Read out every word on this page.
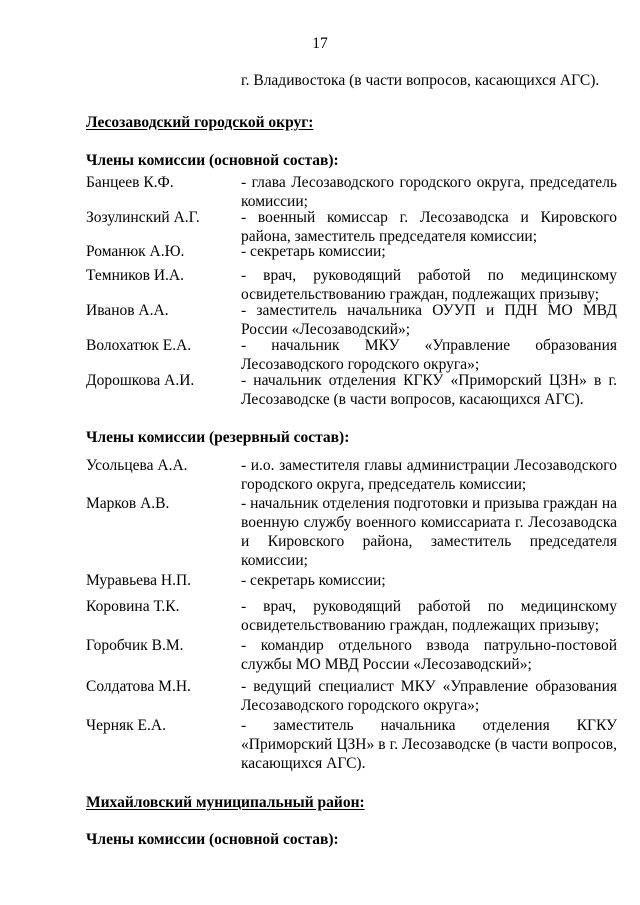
17
г. Владивостока (в части вопросов, касающихся АГС).
Лесозаводский городской округ:
Члены комиссии (основной состав):
Банцеев К.Ф.	- глава Лесозаводского городского округа, председатель комиссии;
Зозулинский А.Г.	- военный комиссар г. Лесозаводска и Кировского района, заместитель председателя комиссии;
Романюк А.Ю.	- секретарь комиссии;
Темников И.А.	- врач, руководящий работой по медицинскому освидетельствованию граждан, подлежащих призыву;
Иванов А.А.	- заместитель начальника ОУУП и ПДН МО МВД России «Лесозаводский»;
Волохатюк Е.А.	- начальник МКУ «Управление образования Лесозаводского городского округа»;
Дорошкова А.И.	- начальник отделения КГКУ «Приморский ЦЗН» в г. Лесозаводске (в части вопросов, касающихся АГС).
Члены комиссии (резервный состав):
Усольцева А.А.	- и.о. заместителя главы администрации Лесозаводского городского округа, председатель комиссии;
Марков А.В.	- начальник отделения подготовки и призыва граждан на военную службу военного комиссариата г. Лесозаводска и Кировского района, заместитель председателя комиссии;
Муравьева Н.П.	- секретарь комиссии;
Коровина Т.К.	- врач, руководящий работой по медицинскому освидетельствованию граждан, подлежащих призыву;
Горобчик В.М.	- командир отдельного взвода патрульно-постовой службы МО МВД России «Лесозаводский»;
Солдатова М.Н.	- ведущий специалист МКУ «Управление образования Лесозаводского городского округа»;
Черняк Е.А.	- заместитель начальника отделения КГКУ «Приморский ЦЗН» в г. Лесозаводске (в части вопросов, касающихся АГС).
Михайловский муниципальный район:
Члены комиссии (основной состав):
